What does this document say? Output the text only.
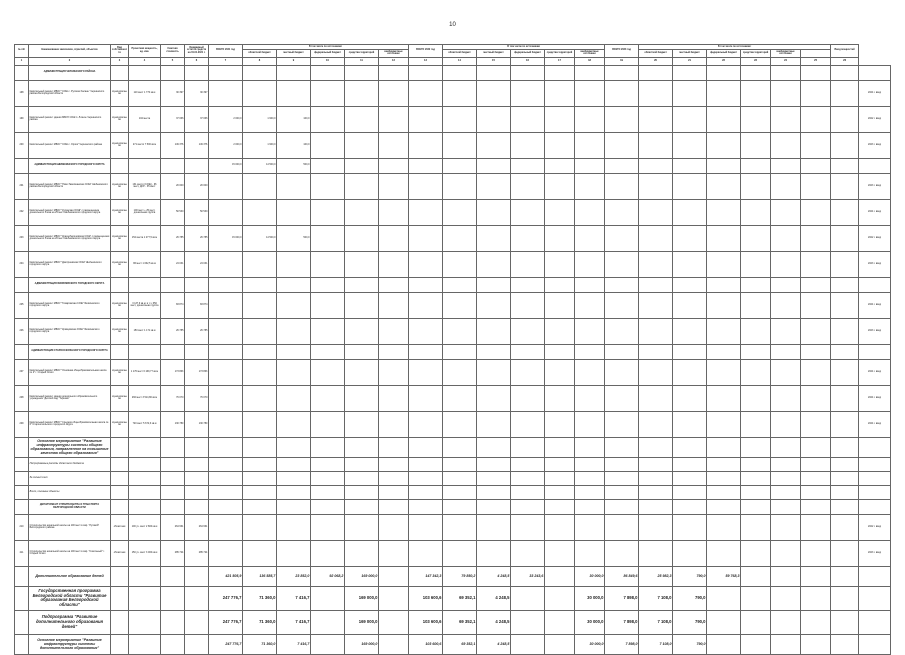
10
№ п/п	Наименование заказчиков, отраслей, объектов	Вид собственности	Проектная мощность, ед. изм.	Сметная стоимость	Ожидаемый остаток средств на 01.01.2021 г.	ВСЕГО 2021 год	В том числе по источникам:					ВСЕГО 2022 год	В том числе по источникам					ВСЕГО 2023 год	В том числе по источникам:						Ввод мощностей	
							областной бюджет	местный бюджет	федеральный бюджет	средства территорий	внебюджетные источники		областной бюджет	местный бюджет	федеральный бюджет	средства территорий	внебюджетные источники		областной бюджет	местный бюджет	федеральный бюджет	средства территорий	внебюджетные источники			
1	2	3	4	5	6	7	8	9	10	11	12	13	14	15	16	17	18	19	20	21	22	23	24	25	26	
	АДМИНИСТРАЦИЯ ЧЕРНЯНСКОГО РАЙОНА																									
198	Капитальный ремонт МБОУ "СОШ с. Русская Халань" Чернянского района Белгородской области	муниципальная	110 мест 1 770 кв.м	30 397	30 397																					2024 г. ввод
199	Капитальный ремонт здания МБОУ СОШ п. Лозное Чернянского района	муниципальная	104 места	37 066	37 066	2 000,0	1 900,0	100,0																		2022 г. ввод
200	Капитальный ремонт МБОУ "СОШ с. Орлик" Чернянского района	муниципальная	271 место 7 500 кв.м	149 376	149 376	2 000,0	1 900,0	100,0																		2023 г. ввод
	АДМИНИСТРАЦИЯ ШЕБЕКИНСКОГО ГОРОДСКОГО ОКРУГА					15 000,0	14 500,0	500,0																		
201	Капитальный ремонт МБОУ "Ново-Таволжанская СОШ" Шебекинского района Белгородской области	муниципальная	131 место (СОШ) - 96 мест, ДОУ - 35 мест	20 000	20 000																					2023 г. ввод
202	Капитальный ремонт МБОУ "Купинская ООШ" с размещением дошкольного блока на 25 мест Шебекинского городского округа	муниципальная	100 мест + 25 мест, дошкольная группа	50 530	50 530																					2024 г. ввод
203	Капитальный ремонт МБОУ "Красноберёзовская СОШ" с размещением дошкольного блока на 20 мест Шебекинского городского округа	муниципальная	152 места 1 277,5 кв.м	26 785	26 785	15 000,0	14 500,0	500,0																		2022 г. ввод
204	Капитальный ремонт МБОУ "Дмитриевская ООШ" Шебекинского городского округа	муниципальная	86 мест 1 062,5 кв.м	24 031	24 031																					2023 г. ввод
	АДМИНИСТРАЦИЯ ЯКОВЛЕВСКОГО ГОРОДСКОГО ОКРУГА																									
205	Капитальный ремонт МБОУ "Томаровская СОШ" Яковлевского городского округа	муниципальная	3 137,9 кв.м, в т.ч. 650 мест, дошкольная группа	83 874	83 874																					2024 г. ввод
206	Капитальный ремонт МБОУ "Кривцовская ООШ" Яковлевского городского округа	муниципальная	150 мест 1 171 кв.м	26 785	26 785																					2023 г. ввод
	АДМИНИСТРАЦИЯ СТАРООСКОЛЬСКОГО ГОРОДСКОГО ОКРУГА																									
207	Капитальный ремонт МБОУ "Основная общеобразовательная школа № 2" г. Старый Оскол	муниципальная	1 176 мест 6 169,77 кв.м	173 863	173 863																					2024 г. ввод
208	Капитальный ремонт здания дошкольного образовательного учреждения "Детский сад "Теремок"	муниципальная	260 мест 3 514,80 кв.м	76 070	76 070																					2024 г. ввод
209	Капитальный ремонт МБОУ "Средняя общеобразовательная школа № 6" Старооскольского городского округа	муниципальная	720 мест 5 672,6 кв.м	130 780	130 780																					2024 г. ввод
	Основное мероприятие "Развитие инфраструктуры системы общего образования, направленное на повышение качества общего образования"																									
	Непрограммные расходы областного бюджета																									
	За полный счет																									
	Всего, основные объекты																									
	ДЕПАРТАМЕНТ СТРОИТЕЛЬСТВА И ТРАНСПОРТА БЕЛГОРОДСКОЙ ОБЛАСТИ																									
210	Строительство начальной школы на 100 мест в мкр. "Луговой" Белгородского района	областная	100 уч. мест 2 800 кв.м	264 661	264 661																					2022 г. ввод
211	Строительство начальной школы на 100 мест в мкр. "Сокольный" г. Старый Оскол	областная	150 уч. мест 3 000 кв.м	285 724	285 724																					2023 г. ввод
	Дополнительное образование детей					421 505,9	136 585,7	23 852,0	92 068,2	169 000,0		147 342,3	79 850,2	4 248,5	33 243,6		30 000,0	86 849,6	25 982,3	790,0	59 768,3					
	Государственная программа Белгородской области "Развитие образования Белгородской области"					247 776,7	71 360,0	7 416,7		169 000,0		103 600,6	69 352,1	4 248,5			30 000,0	7 898,0	7 108,0	790,0						
	Подпрограмма "Развитие дополнительного образования детей"					247 776,7	71 360,0	7 416,7		169 000,0		103 600,6	69 352,1	4 248,5			30 000,0	7 898,0	7 108,0	790,0						
	Основное мероприятие "Развитие инфраструктуры системы дополнительного образования"					247 776,7	71 360,0	7 416,7		169 000,0		103 600,6	69 352,1	4 248,5			30 000,0	7 898,0	7 108,0	790,0						
